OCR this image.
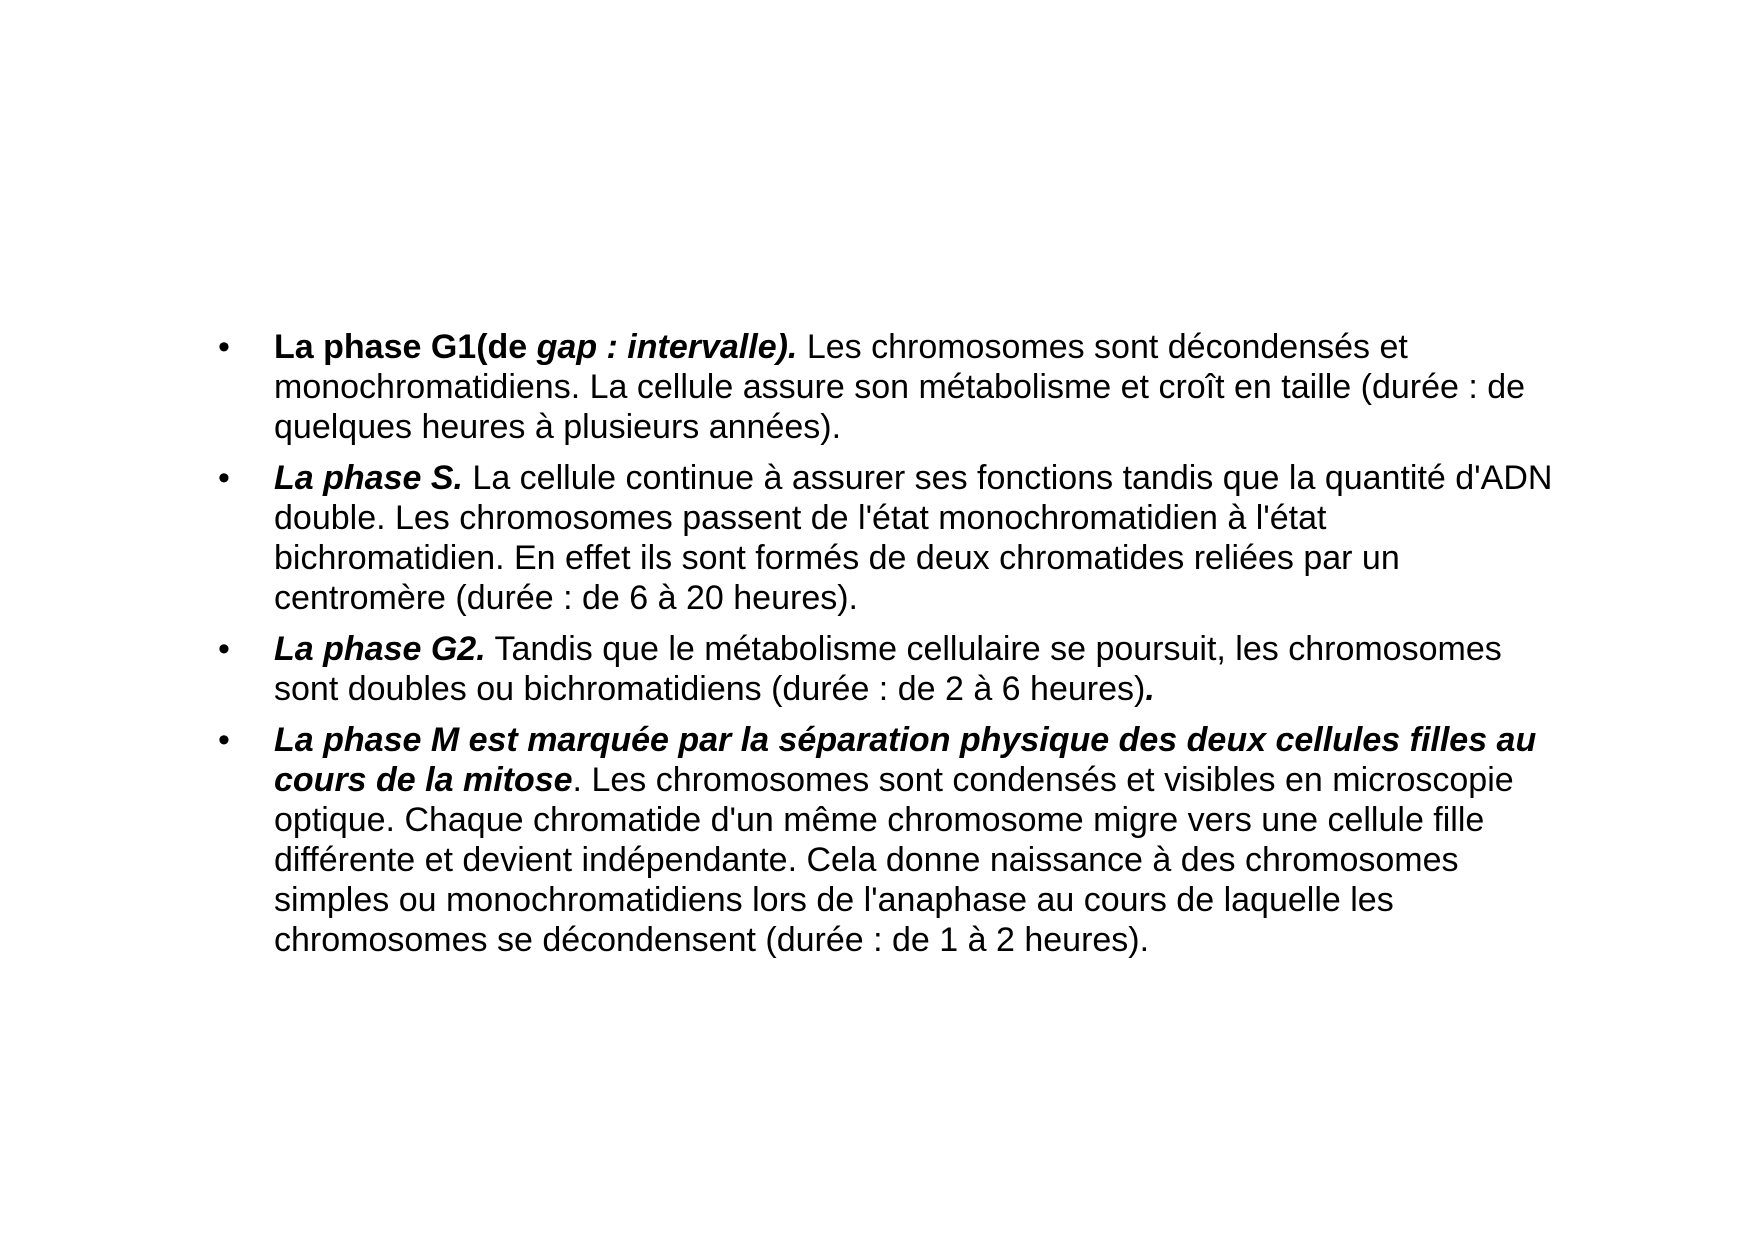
• La phase G1(de gap : intervalle). Les chromosomes sont décondensés et monochromatidiens. La cellule assure son métabolisme et croît en taille (durée : de quelques heures à plusieurs années).
• La phase S. La cellule continue à assurer ses fonctions tandis que la quantité d'ADN double. Les chromosomes passent de l'état monochromatidien à l'état bichromatidien. En effet ils sont formés de deux chromatides reliées par un centromère (durée : de 6 à 20 heures).
• La phase G2. Tandis que le métabolisme cellulaire se poursuit, les chromosomes sont doubles ou bichromatidiens (durée : de 2 à 6 heures).
• La phase M est marquée par la séparation physique des deux cellules filles au cours de la mitose. Les chromosomes sont condensés et visibles en microscopie optique. Chaque chromatide d'un même chromosome migre vers une cellule fille différente et devient indépendante. Cela donne naissance à des chromosomes simples ou monochromatidiens lors de l'anaphase au cours de laquelle les chromosomes se décondensent (durée : de 1 à 2 heures).
